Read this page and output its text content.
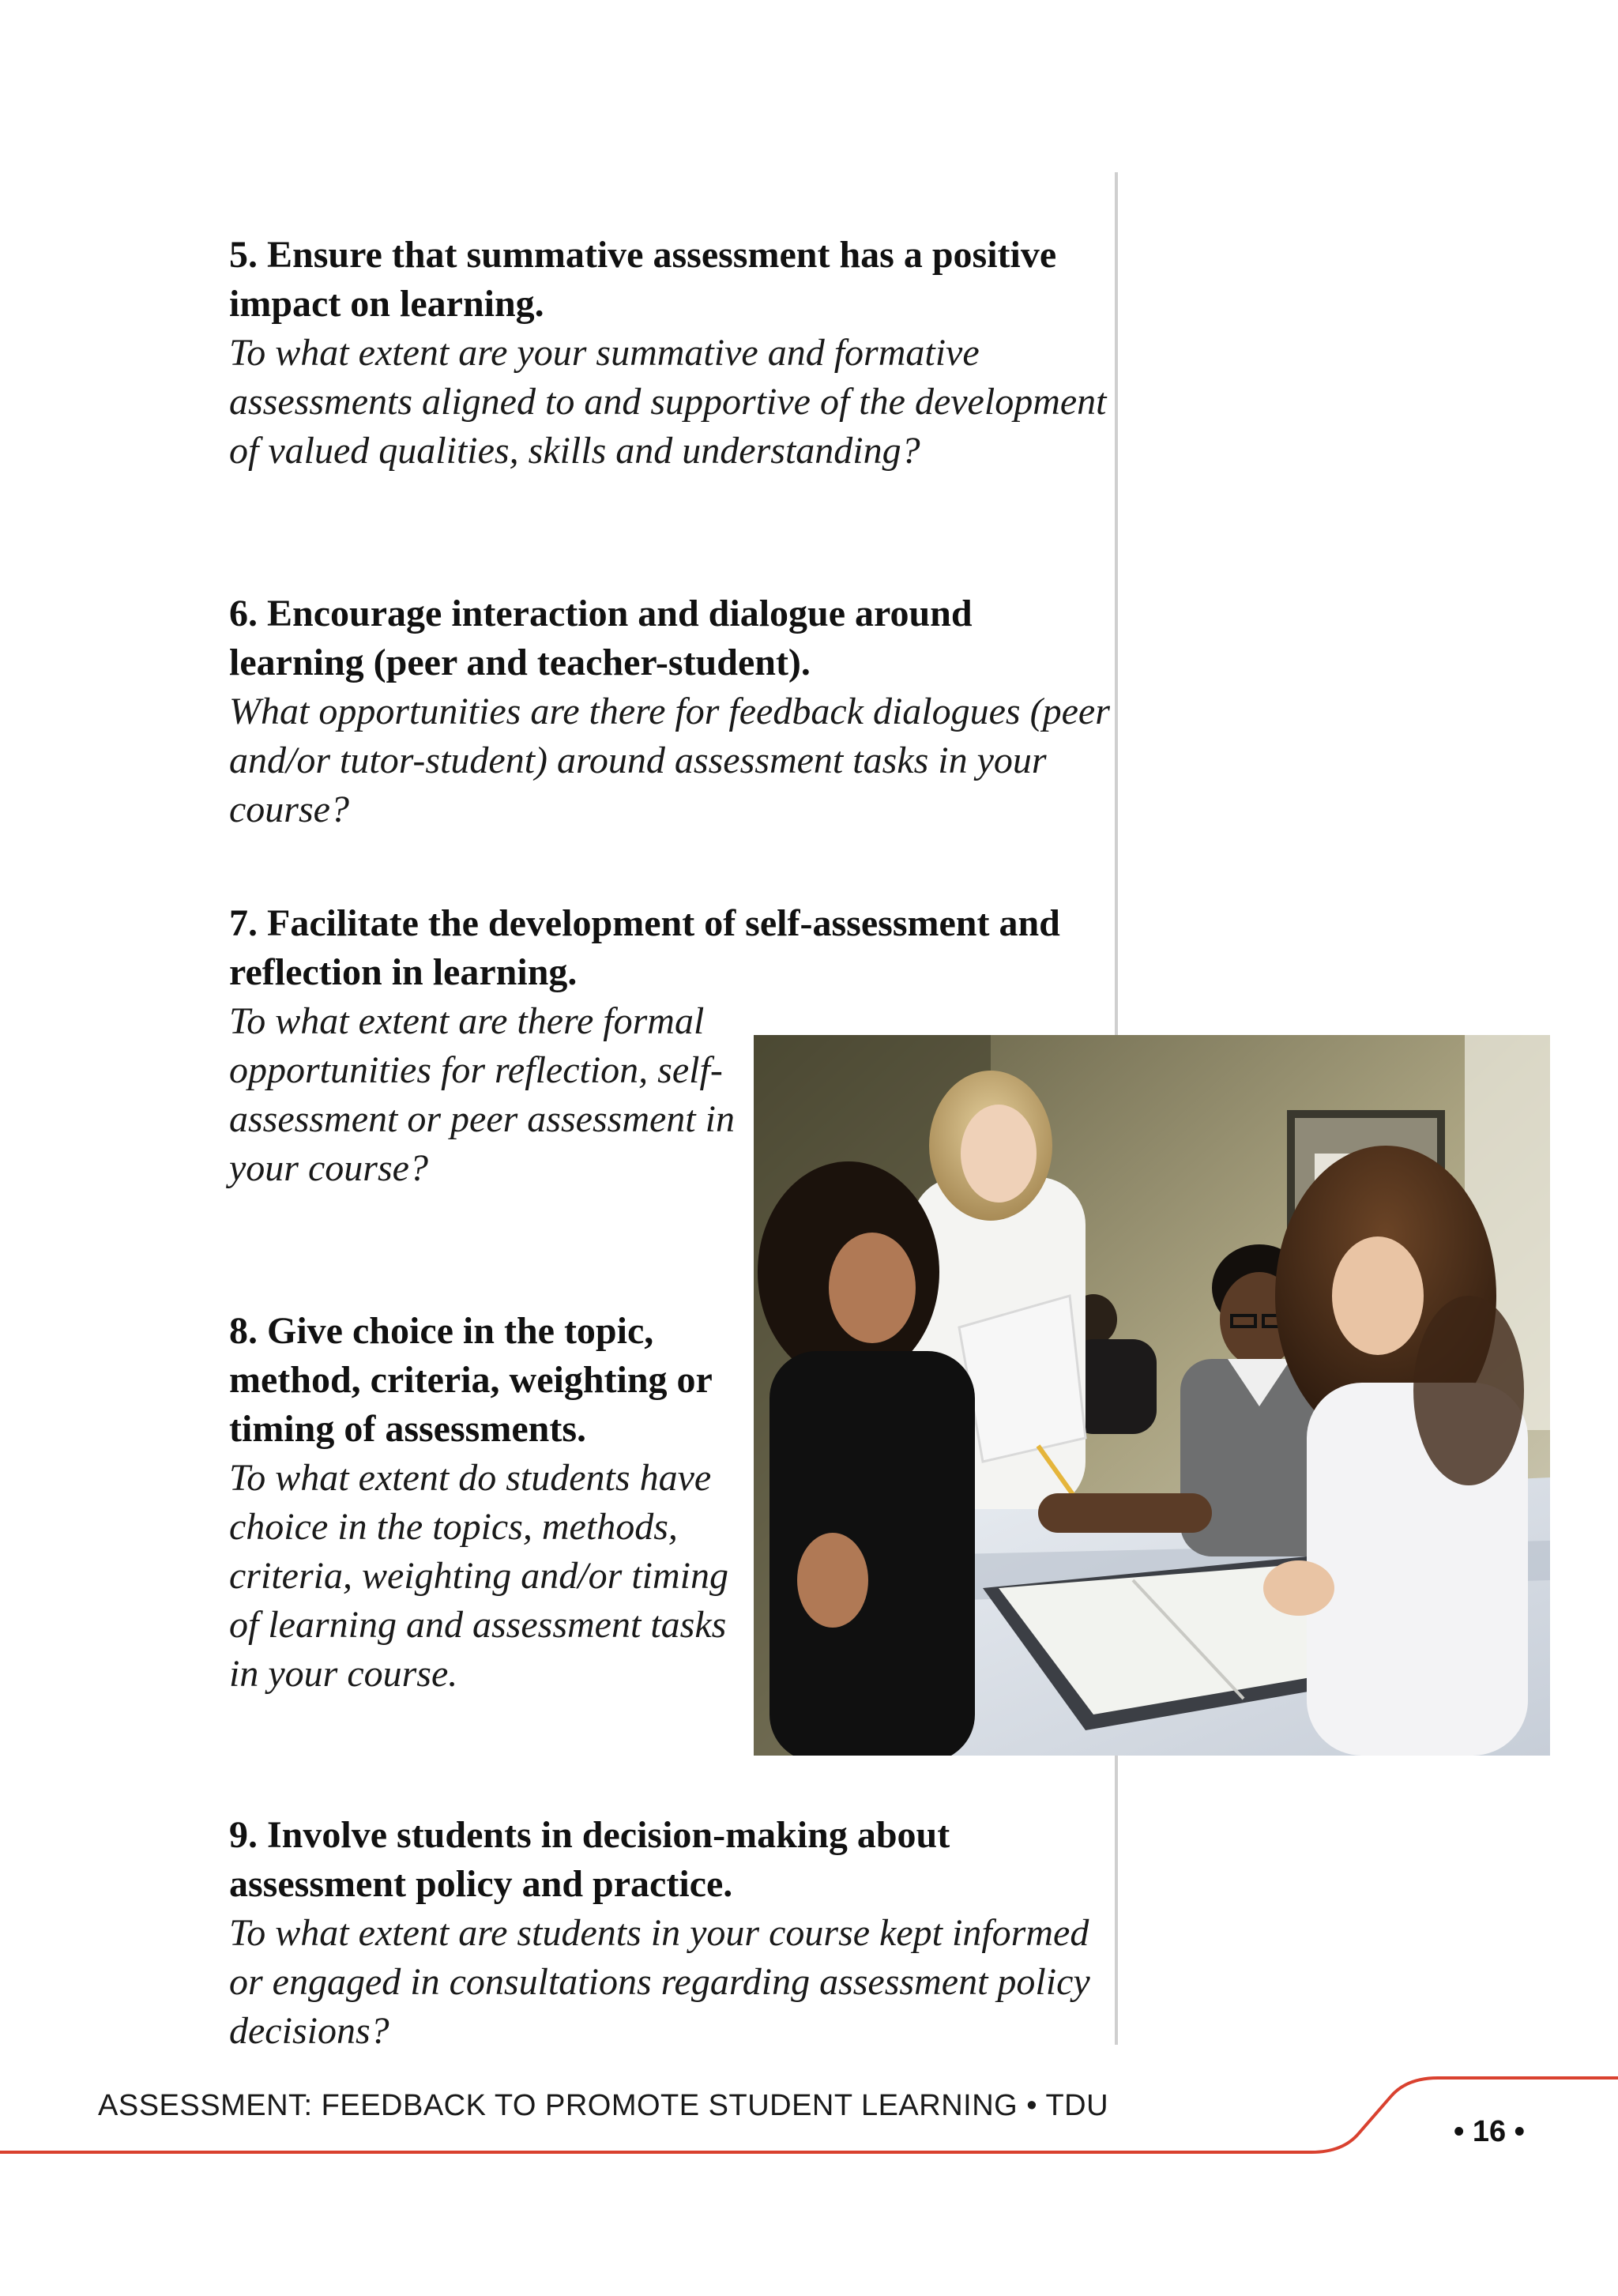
5. Ensure that summative assessment has a positive impact on learning.

To what extent are your summative and formative assessments aligned to and supportive of the development of valued qualities, skills and understanding?

6. Encourage interaction and dialogue around learning (peer and teacher-student).

What opportunities are there for feedback dialogues (peer and/or tutor-student) around assessment tasks in your course?

7. Facilitate the development of self-assessment and reflection in learning.

To what extent are there formal opportunities for reflection, self-assessment or peer assessment in your course?

8. Give choice in the topic, method, criteria, weighting or timing of assessments.

To what extent do students have choice in the topics, methods, criteria, weighting and/or timing of learning and assessment tasks in your course.

9. Involve students in decision-making about assessment policy and practice.

To what extent are students in your course kept informed or engaged in consultations regarding assessment policy decisions?

ASSESSMENT: FEEDBACK TO PROMOTE STUDENT LEARNING • TDU
• 16 •
